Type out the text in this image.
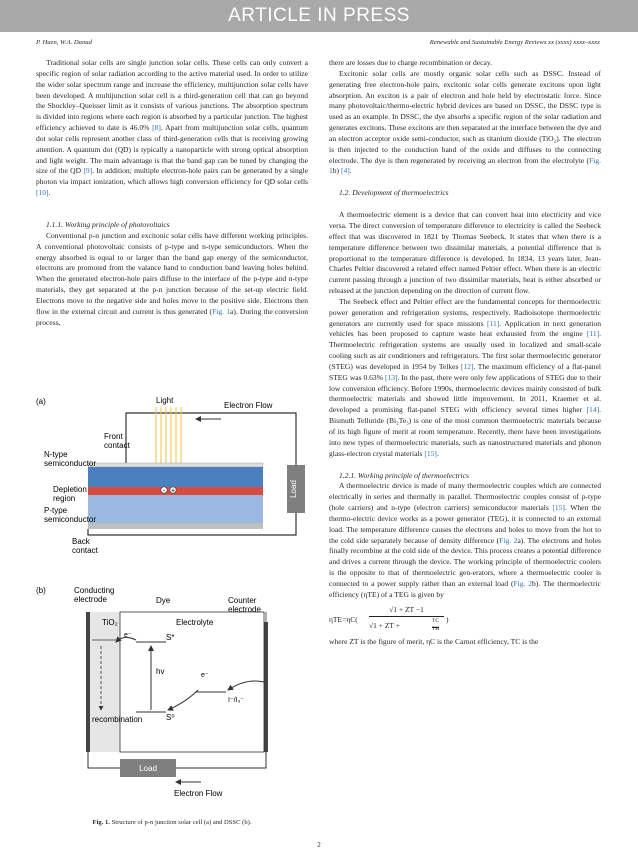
ARTICLE IN PRESS
P. Huen, W.A. Daoud	Renewable and Sustainable Energy Reviews xx (xxxx) xxxx–xxxx

Traditional solar cells are single junction solar cells. These cells can only convert a specific region of solar radiation according to the active material used. In order to utilize the wider solar spectrum range and increase the efficiency, multijunction solar cells have been developed. A multijunction solar cell is a third-generation cell that can go beyond the Shockley–Queisser limit as it consists of various junctions. The absorption spectrum is divided into regions where each region is absorbed by a particular junction. The highest efficiency achieved to date is 46.0% [8]. Apart from multijunction solar cells, quantum dot solar cells represent another class of third-generation cells that is receiving growing attention. A quantum dot (QD) is typically a nanoparticle with strong optical absorption and light weight. The main advantage is that the band gap can be tuned by changing the size of the QD [9]. In addition; multiple electron-hole pairs can be generated by a single photon via impact ionization, which allows high conversion efficiency for QD solar cells [10].

1.1.1. Working principle of photovoltaics

Conventional p-n junction and excitonic solar cells have different working principles. A conventional photovoltaic consists of p-type and n-type semiconductors. When the energy absorbed is equal to or larger than the band gap energy of the semiconductor, electrons are promoted from the valance band to conduction band leaving holes behind. When the generated electron-hole pairs diffuse to the interface of the p-type and n-type materials, they get separated at the p-n junction because of the set-up electric field. Electrons move to the negative side and holes move to the positive side. Electrons then flow in the external circuit and current is thus generated (Fig. 1a). During the conversion process,

Load
Electron Flow
Light
- +
(a)
Front
contact
N-type
semiconductor
Depletion
region
P-type
semiconductor
Back
contact
(b)	Conducting
electrode	Dye	Counter
electrode
TiO₂	Electrolyte
e⁻	S*
hv	e⁻
I⁻/I₃⁻
recombination	S⁰
Load
Electron Flow
Fig. 1. Structure of p-n junction solar cell (a) and DSSC (b).

there are losses due to charge recombination or decay.

Excitonic solar cells are mostly organic solar cells such as DSSC. Instead of generating free electron-hole pairs, excitonic solar cells generate excitons upon light absorption. An exciton is a pair of electron and hole held by electrostatic force. Since many photovoltaic/thermo-electric hybrid devices are based on DSSC, the DSSC type is used as an example. In DSSC, the dye absorbs a specific region of the solar radiation and generates excitons. These excitons are then separated at the interface between the dye and an electron acceptor oxide semi-conductor, such as titanium dioxide (TiO₂). The electron is then injected to the conduction band of the oxide and diffuses to the connecting electrode. The dye is then regenerated by receiving an electron from the electrolyte (Fig. 1b) [4].

1.2. Development of thermoelectrics

A thermoelectric element is a device that can convert heat into electricity and vice versa. The direct conversion of temperature difference to electricity is called the Seebeck effect that was discovered in 1821 by Thomas Seebeck. It states that when there is a temperature difference between two dissimilar materials, a potential difference that is proportional to the temperature difference is developed. In 1834, 13 years later, Jean-Charles Peltier discovered a related effect named Peltier effect. When there is an electric current passing through a junction of two dissimilar materials, heat is either absorbed or released at the junction depending on the direction of current flow.

The Seebeck effect and Peltier effect are the fundamental concepts for thermoelectric power generation and refrigeration systems, respectively. Radioisotope thermoelectric generators are currently used for space missions [11]. Application in next generation vehicles has been proposed to capture waste heat exhausted from the engine [11]. Thermoelectric refrigeration systems are usually used in localized and small-scale cooling such as air conditioners and refrigerators. The first solar thermoelectric generator (STEG) was developed in 1954 by Telkes [12]. The maximum efficiency of a flat-panel STEG was 0.63% [13]. In the past, there were only few applications of STEG due to their low conversion efficiency. Before 1990s, thermoelectric devices mainly consisted of bulk thermoelectric materials and showed little improvement. In 2011, Kraemer et al. developed a promising flat-panel STEG with efficiency several times higher [14]. Bismuth Telluride (Bi₂Te₃) is one of the most common thermoelectric materials because of its high figure of merit at room temperature. Recently, there have been investigations into new types of thermoelectric materials, such as nanostructured materials and phonon glass-electron crystal materials [15].

1.2.1. Working principle of thermoelectrics

A thermoelectric device is made of many thermoelectric couples which are connected electrically in series and thermally in parallel. Thermoelectric couples consist of p-type (hole carriers) and n-type (electron carriers) semiconductor materials [15]. When the thermo-electric device works as a power generator (TEG), it is connected to an external load. The temperature difference causes the electrons and holes to move from the hot to the cold side separately because of density difference (Fig. 2a). The electrons and holes finally recombine at the cold side of the device. This process creates a potential difference and drives a current through the device. The working principle of thermoelectric coolers is the opposite to that of thermoelectric gen-erators, where a thermoelectric cooler is connected to a power supply rather than an external load (Fig. 2b). The thermoelectric efficiency (ηTE) of a TEG is given by

ηTE=ηC(
√1 + ZT −1
√1 + ZT +	TC
TH
)

where ZT is the figure of merit, ηC is the Carnot efficiency, TC is the

2
